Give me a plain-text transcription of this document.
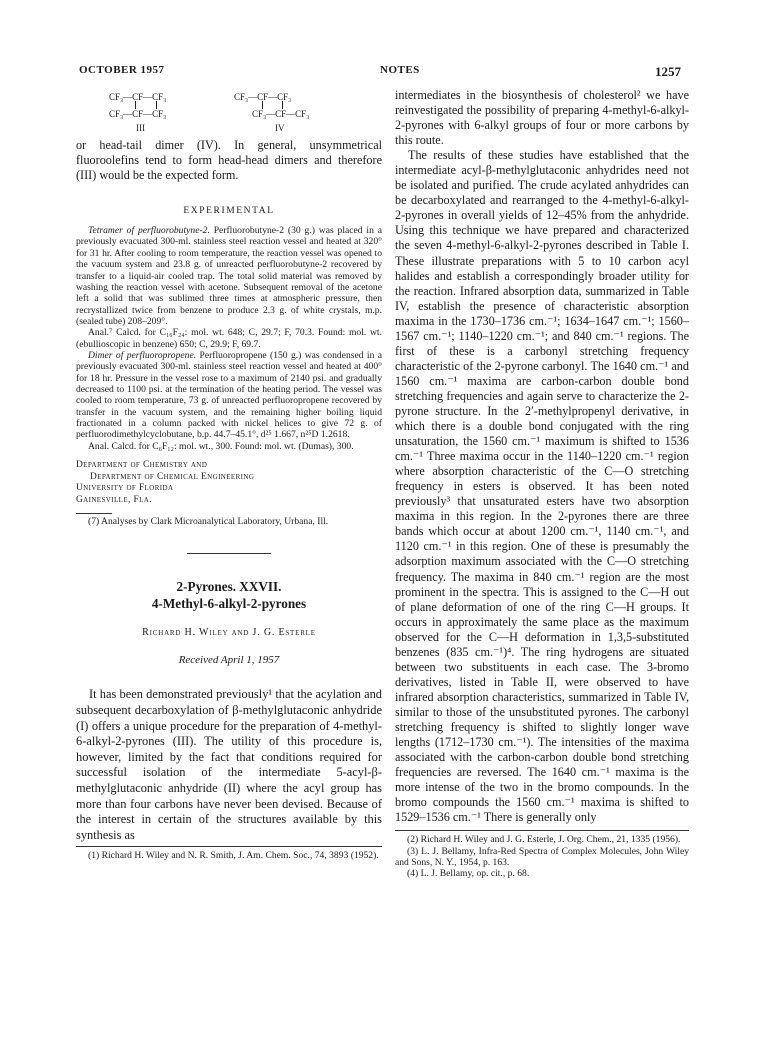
OCTOBER 1957	NOTES	1257
CF₃—CF—CF₃
CF₃—CF—CF₃
III
CF₃—CF—CF₃
CF₃—CF—CF₃
IV

or head-tail dimer (IV). In general, unsymmetrical fluoroolefins tend to form head-head dimers and therefore (III) would be the expected form.

EXPERIMENTAL

Tetramer of perfluorobutyne-2. Perfluorobutyne-2 (30 g.) was placed in a previously evacuated 300-ml. stainless steel reaction vessel and heated at 320° for 31 hr. After cooling to room temperature, the reaction vessel was opened to the vacuum system and 23.8 g. of unreacted perfluorobutyne-2 recovered by transfer to a liquid-air cooled trap. The total solid material was removed by washing the reaction vessel with acetone. Subsequent removal of the acetone left a solid that was sublimed three times at atmospheric pressure, then recrystallized twice from benzene to produce 2.3 g. of white crystals, m.p. (sealed tube) 208–209°.

Anal.⁷ Calcd. for C₁₆F₂₄: mol. wt. 648; C, 29.7; F, 70.3. Found: mol. wt. (ebullioscopic in benzene) 650; C, 29.9; F, 69.7.

Dimer of perfluoropropene. Perfluoropropene (150 g.) was condensed in a previously evacuated 300-ml. stainless steel reaction vessel and heated at 400° for 18 hr. Pressure in the vessel rose to a maximum of 2140 psi. and gradually decreased to 1100 psi. at the termination of the heating period. The vessel was cooled to room temperature, 73 g. of unreacted perfluoropropene recovered by transfer in the vacuum system, and the remaining higher boiling liquid fractionated in a column packed with nickel helices to give 72 g. of perfluorodimethylcyclobutane, b.p. 44.7–45.1°, d²⁵ 1.667, n²⁵D 1.2618.

Anal. Calcd. for C₆F₁₂: mol. wt., 300. Found: mol. wt. (Dumas), 300.

Department of Chemistry and
Department of Chemical Engineering
University of Florida
Gainesville, Fla.

(7) Analyses by Clark Microanalytical Laboratory, Urbana, Ill.

2-Pyrones. XXVII.

4-Methyl-6-alkyl-2-pyrones

Richard H. Wiley and J. G. Esterle

Received April 1, 1957

It has been demonstrated previously¹ that the acylation and subsequent decarboxylation of β-methylglutaconic anhydride (I) offers a unique procedure for the preparation of 4-methyl-6-alkyl-2-pyrones (III). The utility of this procedure is, however, limited by the fact that conditions required for successful isolation of the intermediate 5-acyl-β-methylglutaconic anhydride (II) where the acyl group has more than four carbons have never been devised. Because of the interest in certain of the structures available by this synthesis as

(1) Richard H. Wiley and N. R. Smith, J. Am. Chem. Soc., 74, 3893 (1952).

intermediates in the biosynthesis of cholesterol² we have reinvestigated the possibility of preparing 4-methyl-6-alkyl-2-pyrones with 6-alkyl groups of four or more carbons by this route.

The results of these studies have established that the intermediate acyl-β-methylglutaconic anhydrides need not be isolated and purified. The crude acylated anhydrides can be decarboxylated and rearranged to the 4-methyl-6-alkyl-2-pyrones in overall yields of 12–45% from the anhydride. Using this technique we have prepared and characterized the seven 4-methyl-6-alkyl-2-pyrones described in Table I. These illustrate preparations with 5 to 10 carbon acyl halides and establish a correspondingly broader utility for the reaction. Infrared absorption data, summarized in Table IV, establish the presence of characteristic absorption maxima in the 1730–1736 cm.⁻¹; 1634–1647 cm.⁻¹; 1560–1567 cm.⁻¹; 1140–1220 cm.⁻¹; and 840 cm.⁻¹ regions. The first of these is a carbonyl stretching frequency characteristic of the 2-pyrone carbonyl. The 1640 cm.⁻¹ and 1560 cm.⁻¹ maxima are carbon-carbon double bond stretching frequencies and again serve to characterize the 2-pyrone structure. In the 2′-methylpropenyl derivative, in which there is a double bond conjugated with the ring unsaturation, the 1560 cm.⁻¹ maximum is shifted to 1536 cm.⁻¹ Three maxima occur in the 1140–1220 cm.⁻¹ region where absorption characteristic of the C—O stretching frequency in esters is observed. It has been noted previously³ that unsaturated esters have two absorption maxima in this region. In the 2-pyrones there are three bands which occur at about 1200 cm.⁻¹, 1140 cm.⁻¹, and 1120 cm.⁻¹ in this region. One of these is presumably the adsorption maximum associated with the C—O stretching frequency. The maxima in 840 cm.⁻¹ region are the most prominent in the spectra. This is assigned to the C—H out of plane deformation of one of the ring C—H groups. It occurs in approximately the same place as the maximum observed for the C—H deformation in 1,3,5-substituted benzenes (835 cm.⁻¹)⁴. The ring hydrogens are situated between two substituents in each case. The 3-bromo derivatives, listed in Table II, were observed to have infrared absorption characteristics, summarized in Table IV, similar to those of the unsubstituted pyrones. The carbonyl stretching frequency is shifted to slightly longer wave lengths (1712–1730 cm.⁻¹). The intensities of the maxima associated with the carbon-carbon double bond stretching frequencies are reversed. The 1640 cm.⁻¹ maxima is the more intense of the two in the bromo compounds. In the bromo compounds the 1560 cm.⁻¹ maxima is shifted to 1529–1536 cm.⁻¹ There is generally only

(2) Richard H. Wiley and J. G. Esterle, J. Org. Chem., 21, 1335 (1956).

(3) L. J. Bellamy, Infra-Red Spectra of Complex Molecules, John Wiley and Sons, N. Y., 1954, p. 163.

(4) L. J. Bellamy, op. cit., p. 68.
